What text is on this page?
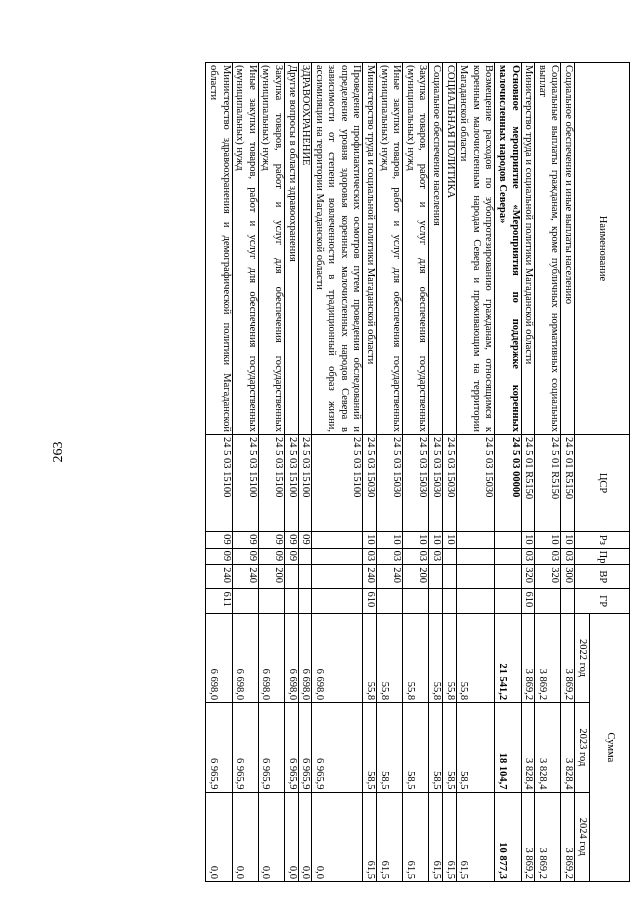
263
Наименование	ЦСР	Рз	Пр	ВР	ГР	Сумма		
						2022 год	2023 год	2024 год
Социальное обеспечение и иные выплаты населению	24 5 01 R5150	10	03	300		3 869,2	3 828,4	3 869,2
Социальные выплаты гражданам, кроме публичных нормативных социальных выплат	24 5 01 R5150	10	03	320		3 869,2	3 828,4	3 869,2
Министерство труда и социальной политики Магаданской области	24 5 01 R5150	10	03	320	610	3 869,2	3 828,4	3 869,2
Основное мероприятие «Мероприятия по поддержке коренных малочисленных народов Севера»	24 5 03 00000					21 541,2	18 104,7	10 877,3
Возмещение расходов по зубопротезированию гражданам, относящимся к коренным малочисленным народам Севера и проживающим на территории Магаданской области	24 5 03 15030					55,8	58,5	61,5
СОЦИАЛЬНАЯ ПОЛИТИКА	24 5 03 15030	10				55,8	58,5	61,5
Социальное обеспечение населения	24 5 03 15030	10	03			55,8	58,5	61,5
Закупка товаров, работ и услуг для обеспечения государственных (муниципальных) нужд	24 5 03 15030	10	03	200		55,8	58,5	61,5
Иные закупки товаров, работ и услуг для обеспечения государственных (муниципальных) нужд	24 5 03 15030	10	03	240		55,8	58,5	61,5
Министерство труда и социальной политики Магаданской области	24 5 03 15030	10	03	240	610	55,8	58,5	61,5
Проведение профилактических осмотров путем проведения обследований и определение уровня здоровья коренных малочисленных народов Севера в зависимости от степени вовлеченности в традиционный образ жизни, ассимиляции на территории Магаданской области	24 5 03 15100					6 698,0	6 965,9	0,0
ЗДРАВООХРАНЕНИЕ	24 5 03 15100	09				6 698,0	6 965,9	0,0
Другие вопросы в области здравоохранения	24 5 03 15100	09	09			6 698,0	6 965,9	0,0
Закупка товаров, работ и услуг для обеспечения государственных (муниципальных) нужд	24 5 03 15100	09	09	200		6 698,0	6 965,9	0,0
Иные закупки товаров, работ и услуг для обеспечения государственных (муниципальных) нужд	24 5 03 15100	09	09	240		6 698,0	6 965,9	0,0
Министерство здравоохранения и демографической политики Магаданской области	24 5 03 15100	09	09	240	611	6 698,0	6 965,9	0,0
